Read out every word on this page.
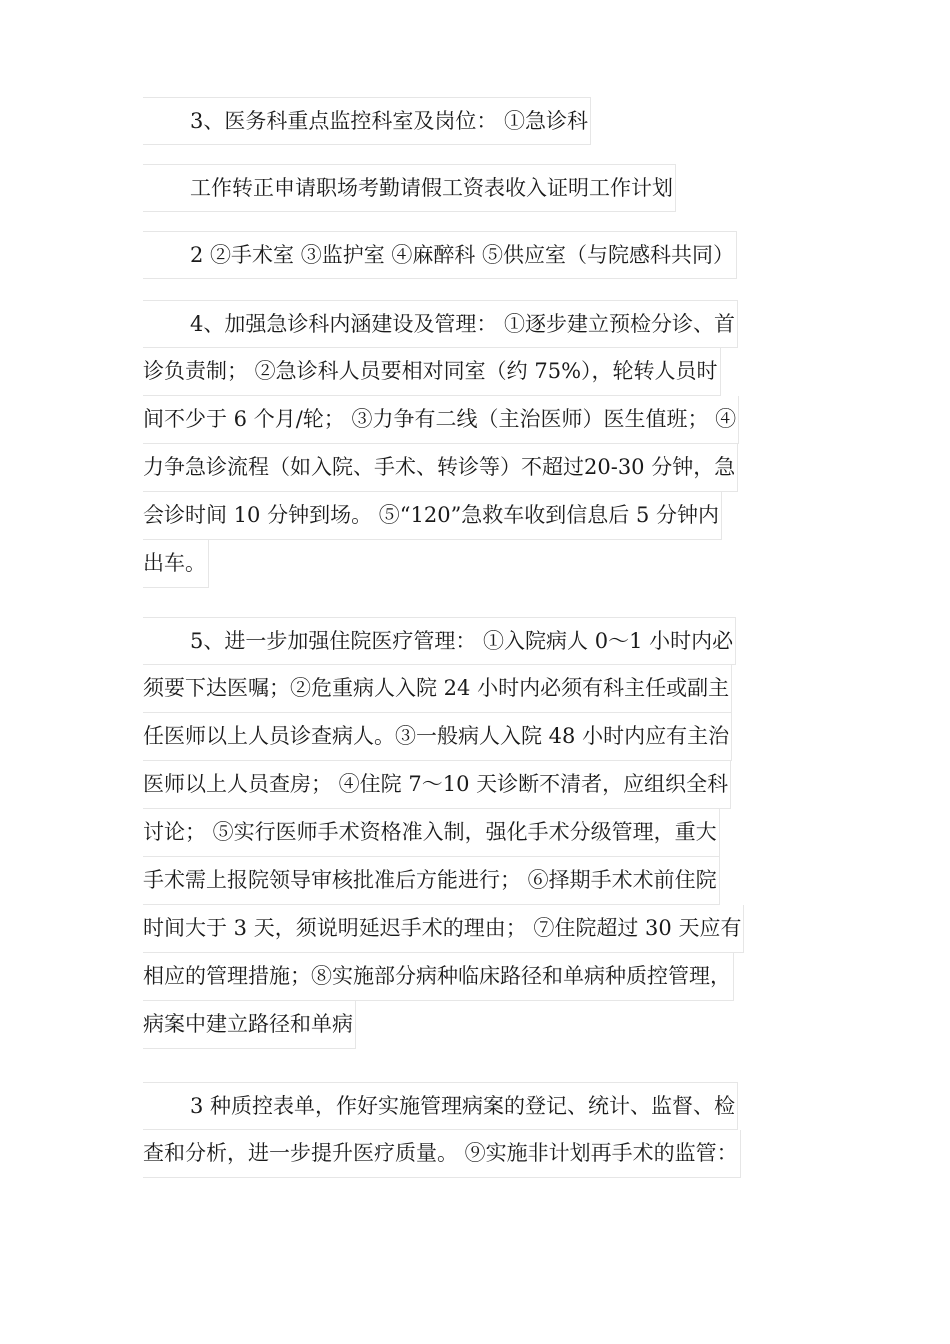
3、医务科重点监控科室及岗位： ①急诊科
工作转正申请职场考勤请假工资表收入证明工作计划
2 ②手术室 ③监护室 ④麻醉科 ⑤供应室（与院感科共同）
4、加强急诊科内涵建设及管理： ①逐步建立预检分诊、首
诊负责制； ②急诊科人员要相对同室（约 75%），轮转人员时
间不少于 6 个月/轮； ③力争有二线（主治医师）医生值班； ④
力争急诊流程（如入院、手术、转诊等）不超过20-30 分钟，急
会诊时间 10 分钟到场。 ⑤“120”急救车收到信息后 5 分钟内
出车。
5、进一步加强住院医疗管理： ①入院病人 0～1 小时内必
须要下达医嘱；②危重病人入院 24 小时内必须有科主任或副主
任医师以上人员诊查病人。③一般病人入院 48 小时内应有主治
医师以上人员查房； ④住院 7～10 天诊断不清者，应组织全科
讨论； ⑤实行医师手术资格准入制，强化手术分级管理，重大
手术需上报院领导审核批准后方能进行； ⑥择期手术术前住院
时间大于 3 天，须说明延迟手术的理由； ⑦住院超过 30 天应有
相应的管理措施；⑧实施部分病种临床路径和单病种质控管理，
病案中建立路径和单病
3 种质控表单，作好实施管理病案的登记、统计、监督、检
查和分析，进一步提升医疗质量。 ⑨实施非计划再手术的监管：
